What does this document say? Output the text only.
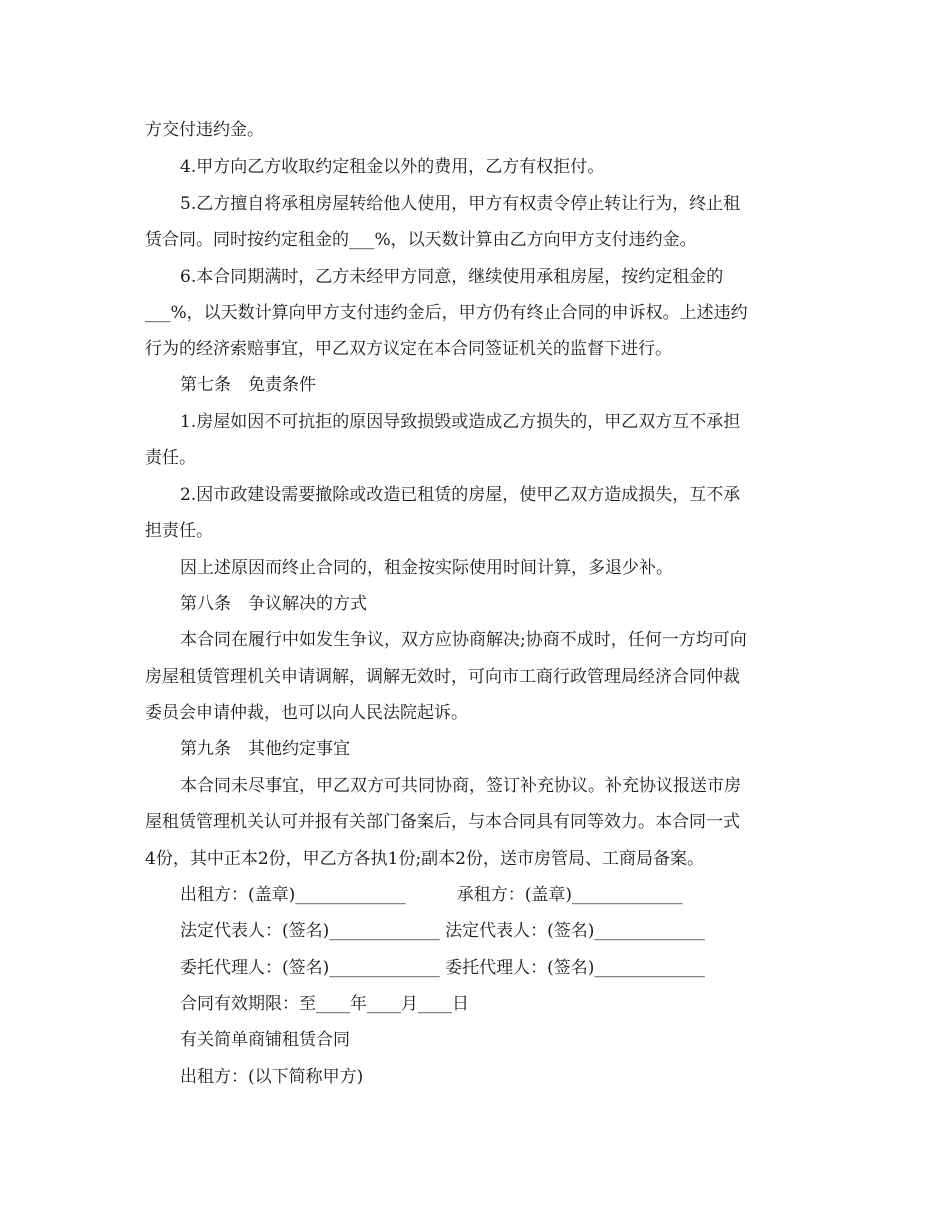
方交付违约金。
4.甲方向乙方收取约定租金以外的费用，乙方有权拒付。
5.乙方擅自将承租房屋转给他人使用，甲方有权责令停止转让行为，终止租
赁合同。同时按约定租金的___%，以天数计算由乙方向甲方支付违约金。
6.本合同期满时，乙方未经甲方同意，继续使用承租房屋，按约定租金的
___%，以天数计算向甲方支付违约金后，甲方仍有终止合同的申诉权。上述违约
行为的经济索赔事宜，甲乙双方议定在本合同签证机关的监督下进行。
第七条　免责条件
1.房屋如因不可抗拒的原因导致损毁或造成乙方损失的，甲乙双方互不承担
责任。
2.因市政建设需要撤除或改造已租赁的房屋，使甲乙双方造成损失，互不承
担责任。
因上述原因而终止合同的，租金按实际使用时间计算，多退少补。
第八条　争议解决的方式
本合同在履行中如发生争议，双方应协商解决;协商不成时，任何一方均可向
房屋租赁管理机关申请调解，调解无效时，可向市工商行政管理局经济合同仲裁
委员会申请仲裁，也可以向人民法院起诉。
第九条　其他约定事宜
本合同未尽事宜，甲乙双方可共同协商，签订补充协议。补充协议报送市房
屋租赁管理机关认可并报有关部门备案后，与本合同具有同等效力。本合同一式
4份，其中正本2份，甲乙方各执1份;副本2份，送市房管局、工商局备案。
出租方：(盖章)_____________　　　承租方：(盖章)_____________
法定代表人：(签名)_____________ 法定代表人：(签名)_____________
委托代理人：(签名)_____________ 委托代理人：(签名)_____________
合同有效期限：至____年____月____日
有关简单商铺租赁合同
出租方：(以下简称甲方)
